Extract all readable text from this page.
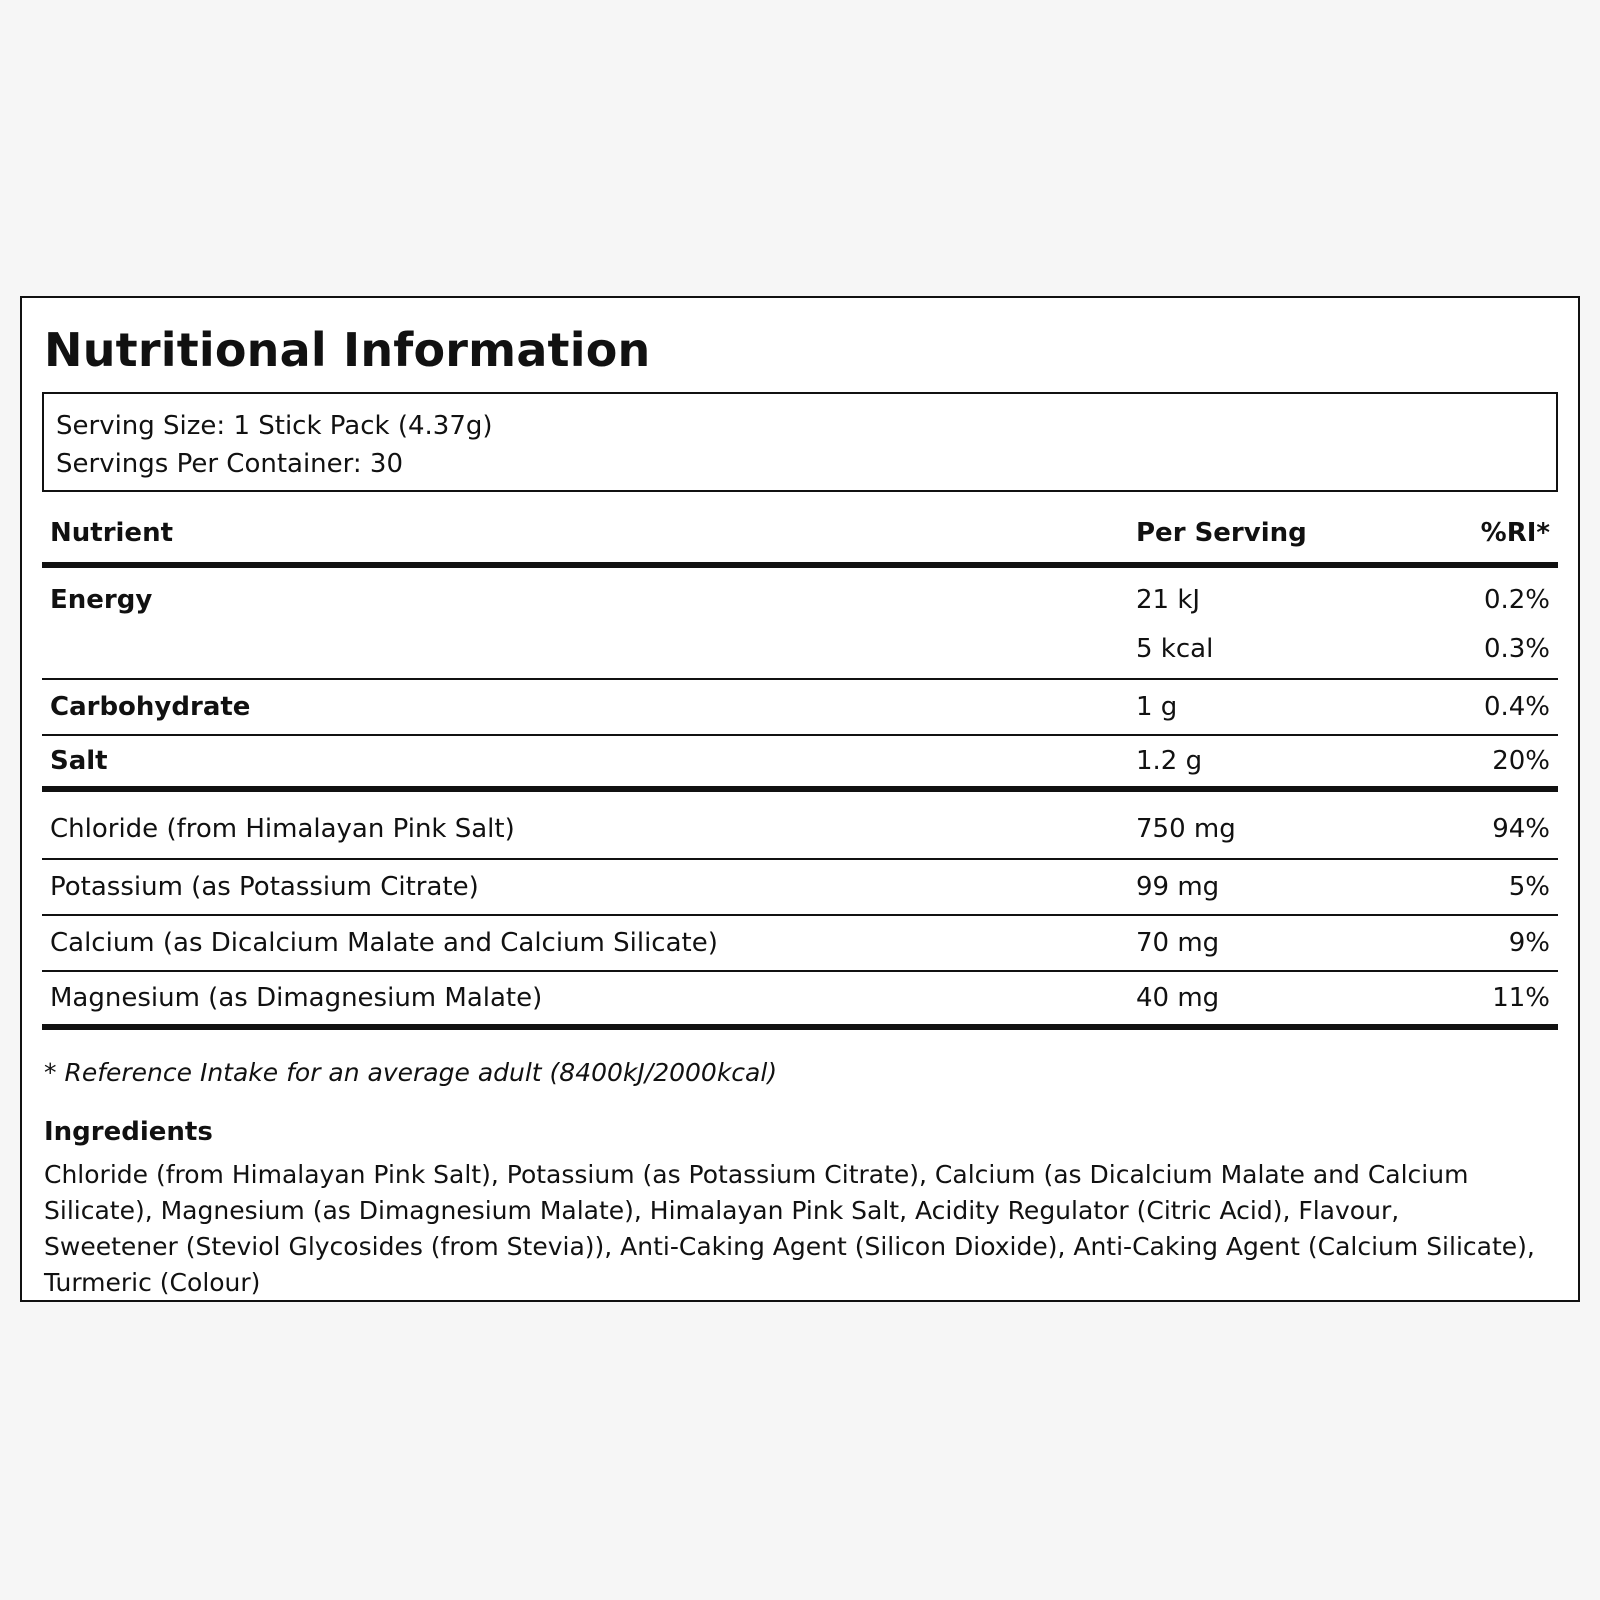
Nutritional Information
Serving Size: 1 Stick Pack (4.37g)
Servings Per Container: 30
Nutrient	Per Serving	%RI*
Energy	21 kJ	0.2%
5 kcal	0.3%
Carbohydrate	1 g	0.4%
Salt	1.2 g	20%
Chloride (from Himalayan Pink Salt)	750 mg	94%
Potassium (as Potassium Citrate)	99 mg	5%
Calcium (as Dicalcium Malate and Calcium Silicate)	70 mg	9%
Magnesium (as Dimagnesium Malate)	40 mg	11%
* Reference Intake for an average adult (8400kJ/2000kcal)
Ingredients
Chloride (from Himalayan Pink Salt), Potassium (as Potassium Citrate), Calcium (as Dicalcium Malate and Calcium Silicate), Magnesium (as Dimagnesium Malate), Himalayan Pink Salt, Acidity Regulator (Citric Acid), Flavour, Sweetener (Steviol Glycosides (from Stevia)), Anti-Caking Agent (Silicon Dioxide), Anti-Caking Agent (Calcium Silicate), Turmeric (Colour)
